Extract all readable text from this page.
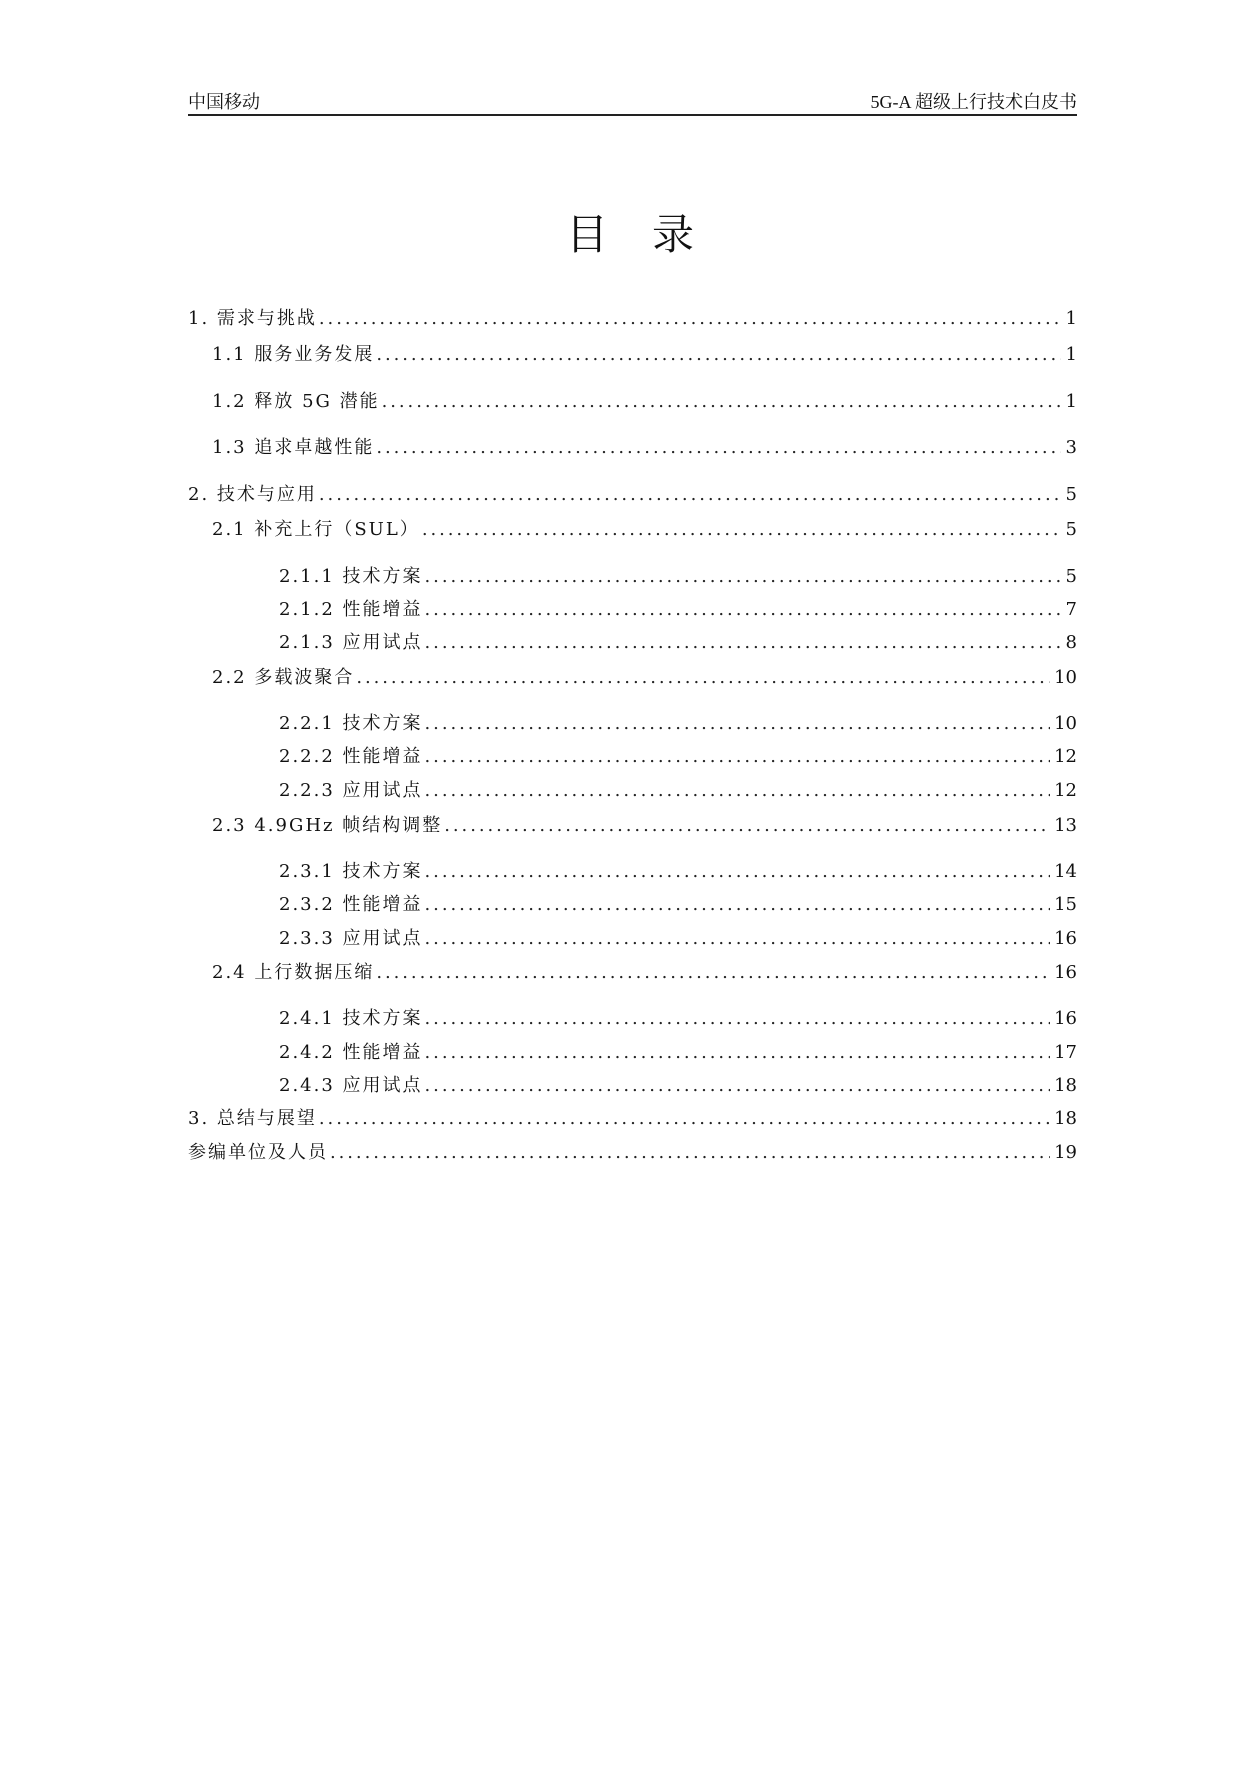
中国移动	5G-A 超级上行技术白皮书
目录
1. 需求与挑战 . . .	1
1.1 服务业务发展 . . .	1
1.2 释放 5G 潜能 . . .	1
1.3 追求卓越性能 . . .	3
2. 技术与应用 . . .	5
2.1 补充上行（SUL） . . .	5
2.1.1 技术方案 . . .	5
2.1.2 性能增益 . . .	7
2.1.3 应用试点 . . .	8
2.2 多载波聚合 . . .	10
2.2.1 技术方案 . . .	10
2.2.2 性能增益 . . .	12
2.2.3 应用试点 . . .	12
2.3 4.9GHz 帧结构调整 . . .	13
2.3.1 技术方案 . . .	14
2.3.2 性能增益 . . .	15
2.3.3 应用试点 . . .	16
2.4 上行数据压缩 . . .	16
2.4.1 技术方案 . . .	16
2.4.2 性能增益 . . .	17
2.4.3 应用试点 . . .	18
3. 总结与展望 . . .	18
参编单位及人员 . . .	19
